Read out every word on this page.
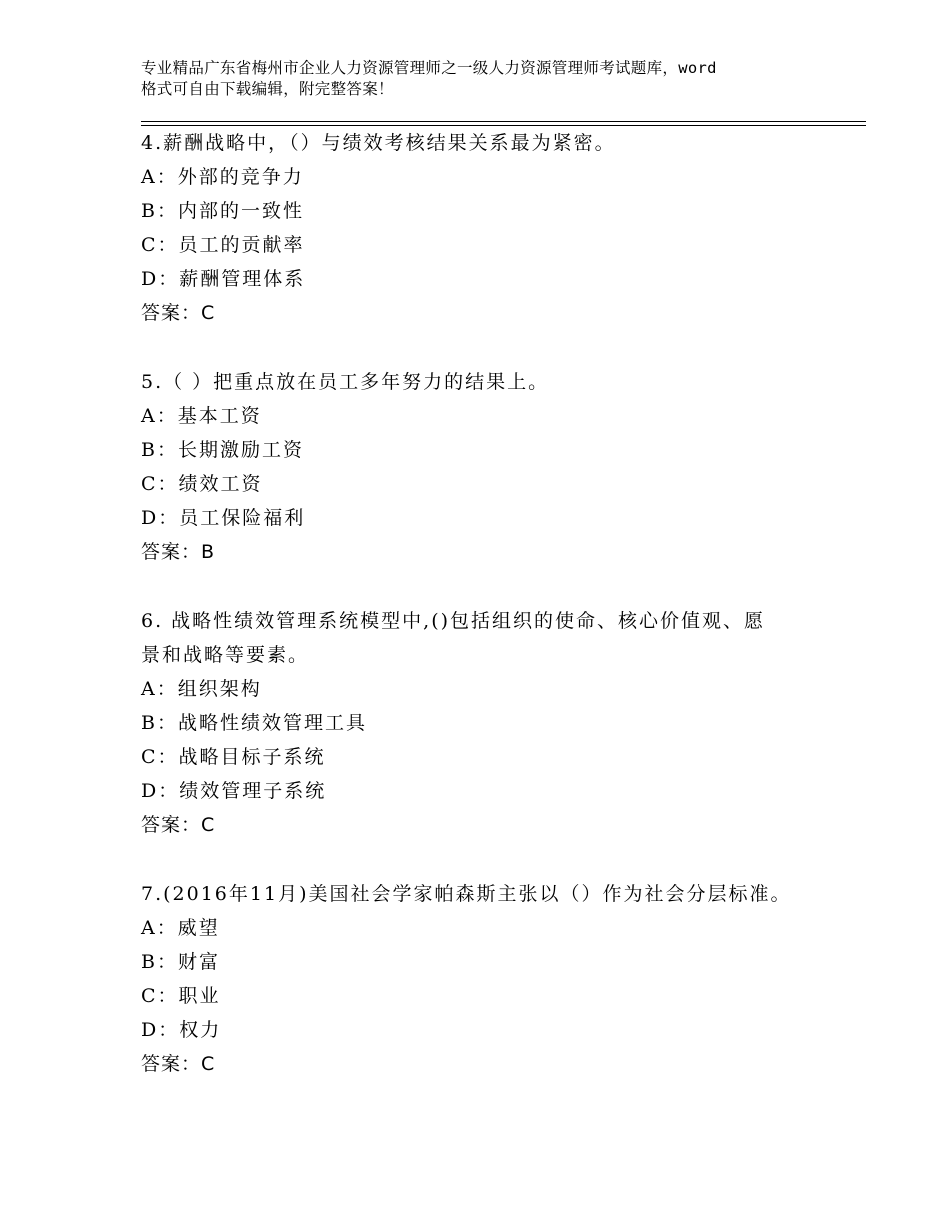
专业精品广东省梅州市企业人力资源管理师之一级人力资源管理师考试题库，word
格式可自由下载编辑，附完整答案！
4.薪酬战略中，（）与绩效考核结果关系最为紧密。
A：外部的竞争力
B：内部的一致性
C：员工的贡献率
D：薪酬管理体系
答案：C
5.（ ）把重点放在员工多年努力的结果上。
A：基本工资
B：长期激励工资
C：绩效工资
D：员工保险福利
答案：B
6. 战略性绩效管理系统模型中,()包括组织的使命、核心价值观、愿
景和战略等要素。
A：组织架构
B：战略性绩效管理工具
C：战略目标子系统
D：绩效管理子系统
答案：C
7.(2016年11月)美国社会学家帕森斯主张以（）作为社会分层标准。
A：威望
B：财富
C：职业
D：权力
答案：C
